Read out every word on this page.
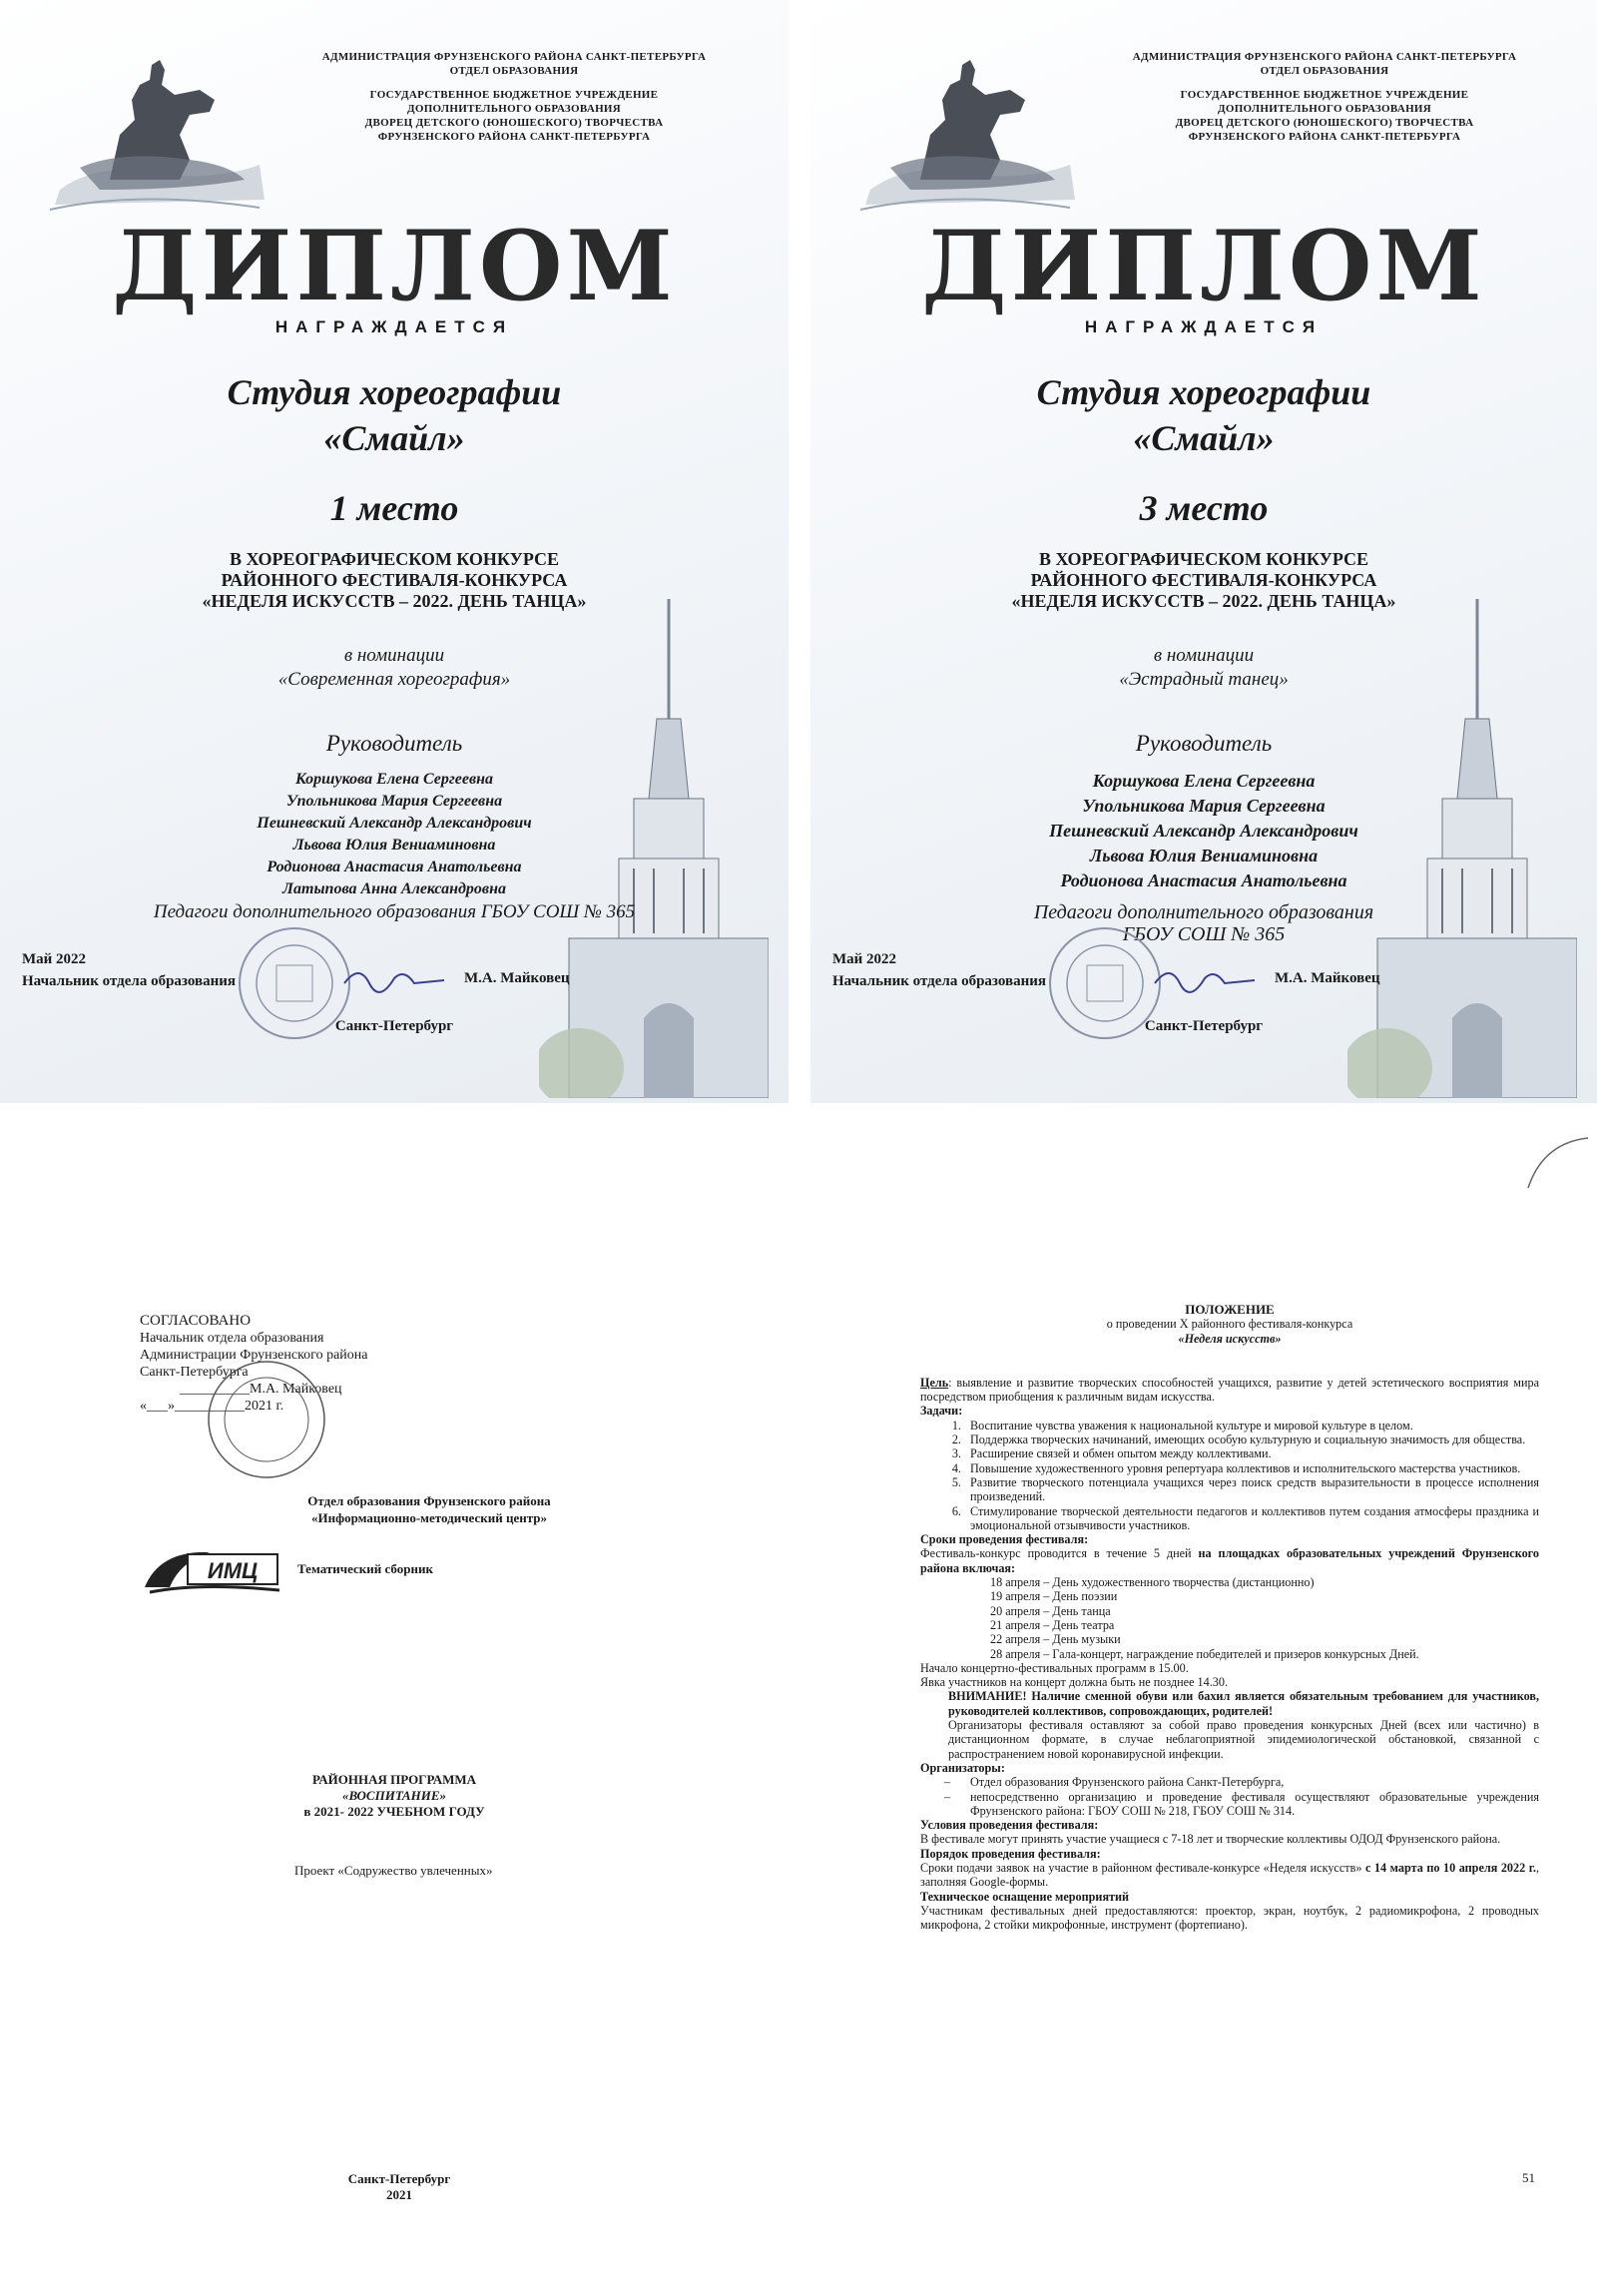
АДМИНИСТРАЦИЯ ФРУНЗЕНСКОГО РАЙОНА САНКТ-ПЕТЕРБУРГА
ОТДЕЛ ОБРАЗОВАНИЯ
ГОСУДАРСТВЕННОЕ БЮДЖЕТНОЕ УЧРЕЖДЕНИЕ
ДОПОЛНИТЕЛЬНОГО ОБРАЗОВАНИЯ
ДВОРЕЦ ДЕТСКОГО (ЮНОШЕСКОГО) ТВОРЧЕСТВА
ФРУНЗЕНСКОГО РАЙОНА САНКТ-ПЕТЕРБУРГА
ДИПЛОМ
НАГРАЖДАЕТСЯ
Студия хореографии
«Смайл»
1 место
В ХОРЕОГРАФИЧЕСКОМ КОНКУРСЕ
РАЙОННОГО ФЕСТИВАЛЯ-КОНКУРСА
«НЕДЕЛЯ ИСКУССТВ – 2022. ДЕНЬ ТАНЦА»
в номинации
«Современная хореография»
Руководитель
Коршукова Елена Сергеевна
Упольникова Мария Сергеевна
Пешневский Александр Александрович
Львова Юлия Вениаминовна
Родионова Анастасия Анатольевна
Латыпова Анна Александровна
Педагоги дополнительного образования ГБОУ СОШ № 365
Май 2022
Начальник отдела образования	М.А. Майковец
Санкт-Петербург
АДМИНИСТРАЦИЯ ФРУНЗЕНСКОГО РАЙОНА САНКТ-ПЕТЕРБУРГА
ОТДЕЛ ОБРАЗОВАНИЯ
ГОСУДАРСТВЕННОЕ БЮДЖЕТНОЕ УЧРЕЖДЕНИЕ
ДОПОЛНИТЕЛЬНОГО ОБРАЗОВАНИЯ
ДВОРЕЦ ДЕТСКОГО (ЮНОШЕСКОГО) ТВОРЧЕСТВА
ФРУНЗЕНСКОГО РАЙОНА САНКТ-ПЕТЕРБУРГА
ДИПЛОМ
НАГРАЖДАЕТСЯ
Студия хореографии
«Смайл»
3 место
В ХОРЕОГРАФИЧЕСКОМ КОНКУРСЕ
РАЙОННОГО ФЕСТИВАЛЯ-КОНКУРСА
«НЕДЕЛЯ ИСКУССТВ – 2022. ДЕНЬ ТАНЦА»
в номинации
«Эстрадный танец»
Руководитель
Коршукова Елена Сергеевна
Упольникова Мария Сергеевна
Пешневский Александр Александрович
Львова Юлия Вениаминовна
Родионова Анастасия Анатольевна
Педагоги дополнительного образования
ГБОУ СОШ № 365
Май 2022
Начальник отдела образования	М.А. Майковец
Санкт-Петербург
СОГЛАСОВАНО
Начальник отдела образования
Администрации Фрунзенского района
Санкт-Петербурга
__________М.А. Майковец
«___»__________2021 г.
Отдел образования Фрунзенского района
«Информационно-методический центр»
ИМЦ	Тематический сборник
РАЙОННАЯ ПРОГРАММА
«ВОСПИТАНИЕ»
в 2021- 2022 УЧЕБНОМ ГОДУ
Проект «Содружество увлеченных»
Санкт-Петербург
2021
ПОЛОЖЕНИЕ
о проведении X районного фестиваля-конкурса
«Неделя искусств»
Цель: выявление и развитие творческих способностей учащихся, развитие у детей эстетического восприятия мира посредством приобщения к различным видам искусства.
Задачи:
1. Воспитание чувства уважения к национальной культуре и мировой культуре в целом.
2. Поддержка творческих начинаний, имеющих особую культурную и социальную значимость для общества.
3. Расширение связей и обмен опытом между коллективами.
4. Повышение художественного уровня репертуара коллективов и исполнительского мастерства участников.
5. Развитие творческого потенциала учащихся через поиск средств выразительности в процессе исполнения произведений.
6. Стимулирование творческой деятельности педагогов и коллективов путем создания атмосферы праздника и эмоциональной отзывчивости участников.
Сроки проведения фестиваля:
Фестиваль-конкурс проводится в течение 5 дней на площадках образовательных учреждений Фрунзенского района включая:
18 апреля – День художественного творчества (дистанционно)
19 апреля – День поэзии
20 апреля – День танца
21 апреля – День театра
22 апреля – День музыки
28 апреля – Гала-концерт, награждение победителей и призеров конкурсных Дней.
Начало концертно-фестивальных программ в 15.00.
Явка участников на концерт должна быть не позднее 14.30.
ВНИМАНИЕ! Наличие сменной обуви или бахил является обязательным требованием для участников, руководителей коллективов, сопровождающих, родителей!
Организаторы фестиваля оставляют за собой право проведения конкурсных Дней (всех или частично) в дистанционном формате, в случае неблагоприятной эпидемиологической обстановкой, связанной с распространением новой коронавирусной инфекции.
Организаторы:
– Отдел образования Фрунзенского района Санкт-Петербурга,
– непосредственно организацию и проведение фестиваля осуществляют образовательные учреждения Фрунзенского района: ГБОУ СОШ № 218, ГБОУ СОШ № 314.
Условия проведения фестиваля:
В фестивале могут принять участие учащиеся с 7-18 лет и творческие коллективы ОДОД Фрунзенского района.
Порядок проведения фестиваля:
Сроки подачи заявок на участие в районном фестивале-конкурсе «Неделя искусств» с 14 марта по 10 апреля 2022 г., заполняя Google-формы.
Техническое оснащение мероприятий
Участникам фестивальных дней предоставляются: проектор, экран, ноутбук, 2 радиомикрофона, 2 проводных микрофона, 2 стойки микрофонные, инструмент (фортепиано).
51
